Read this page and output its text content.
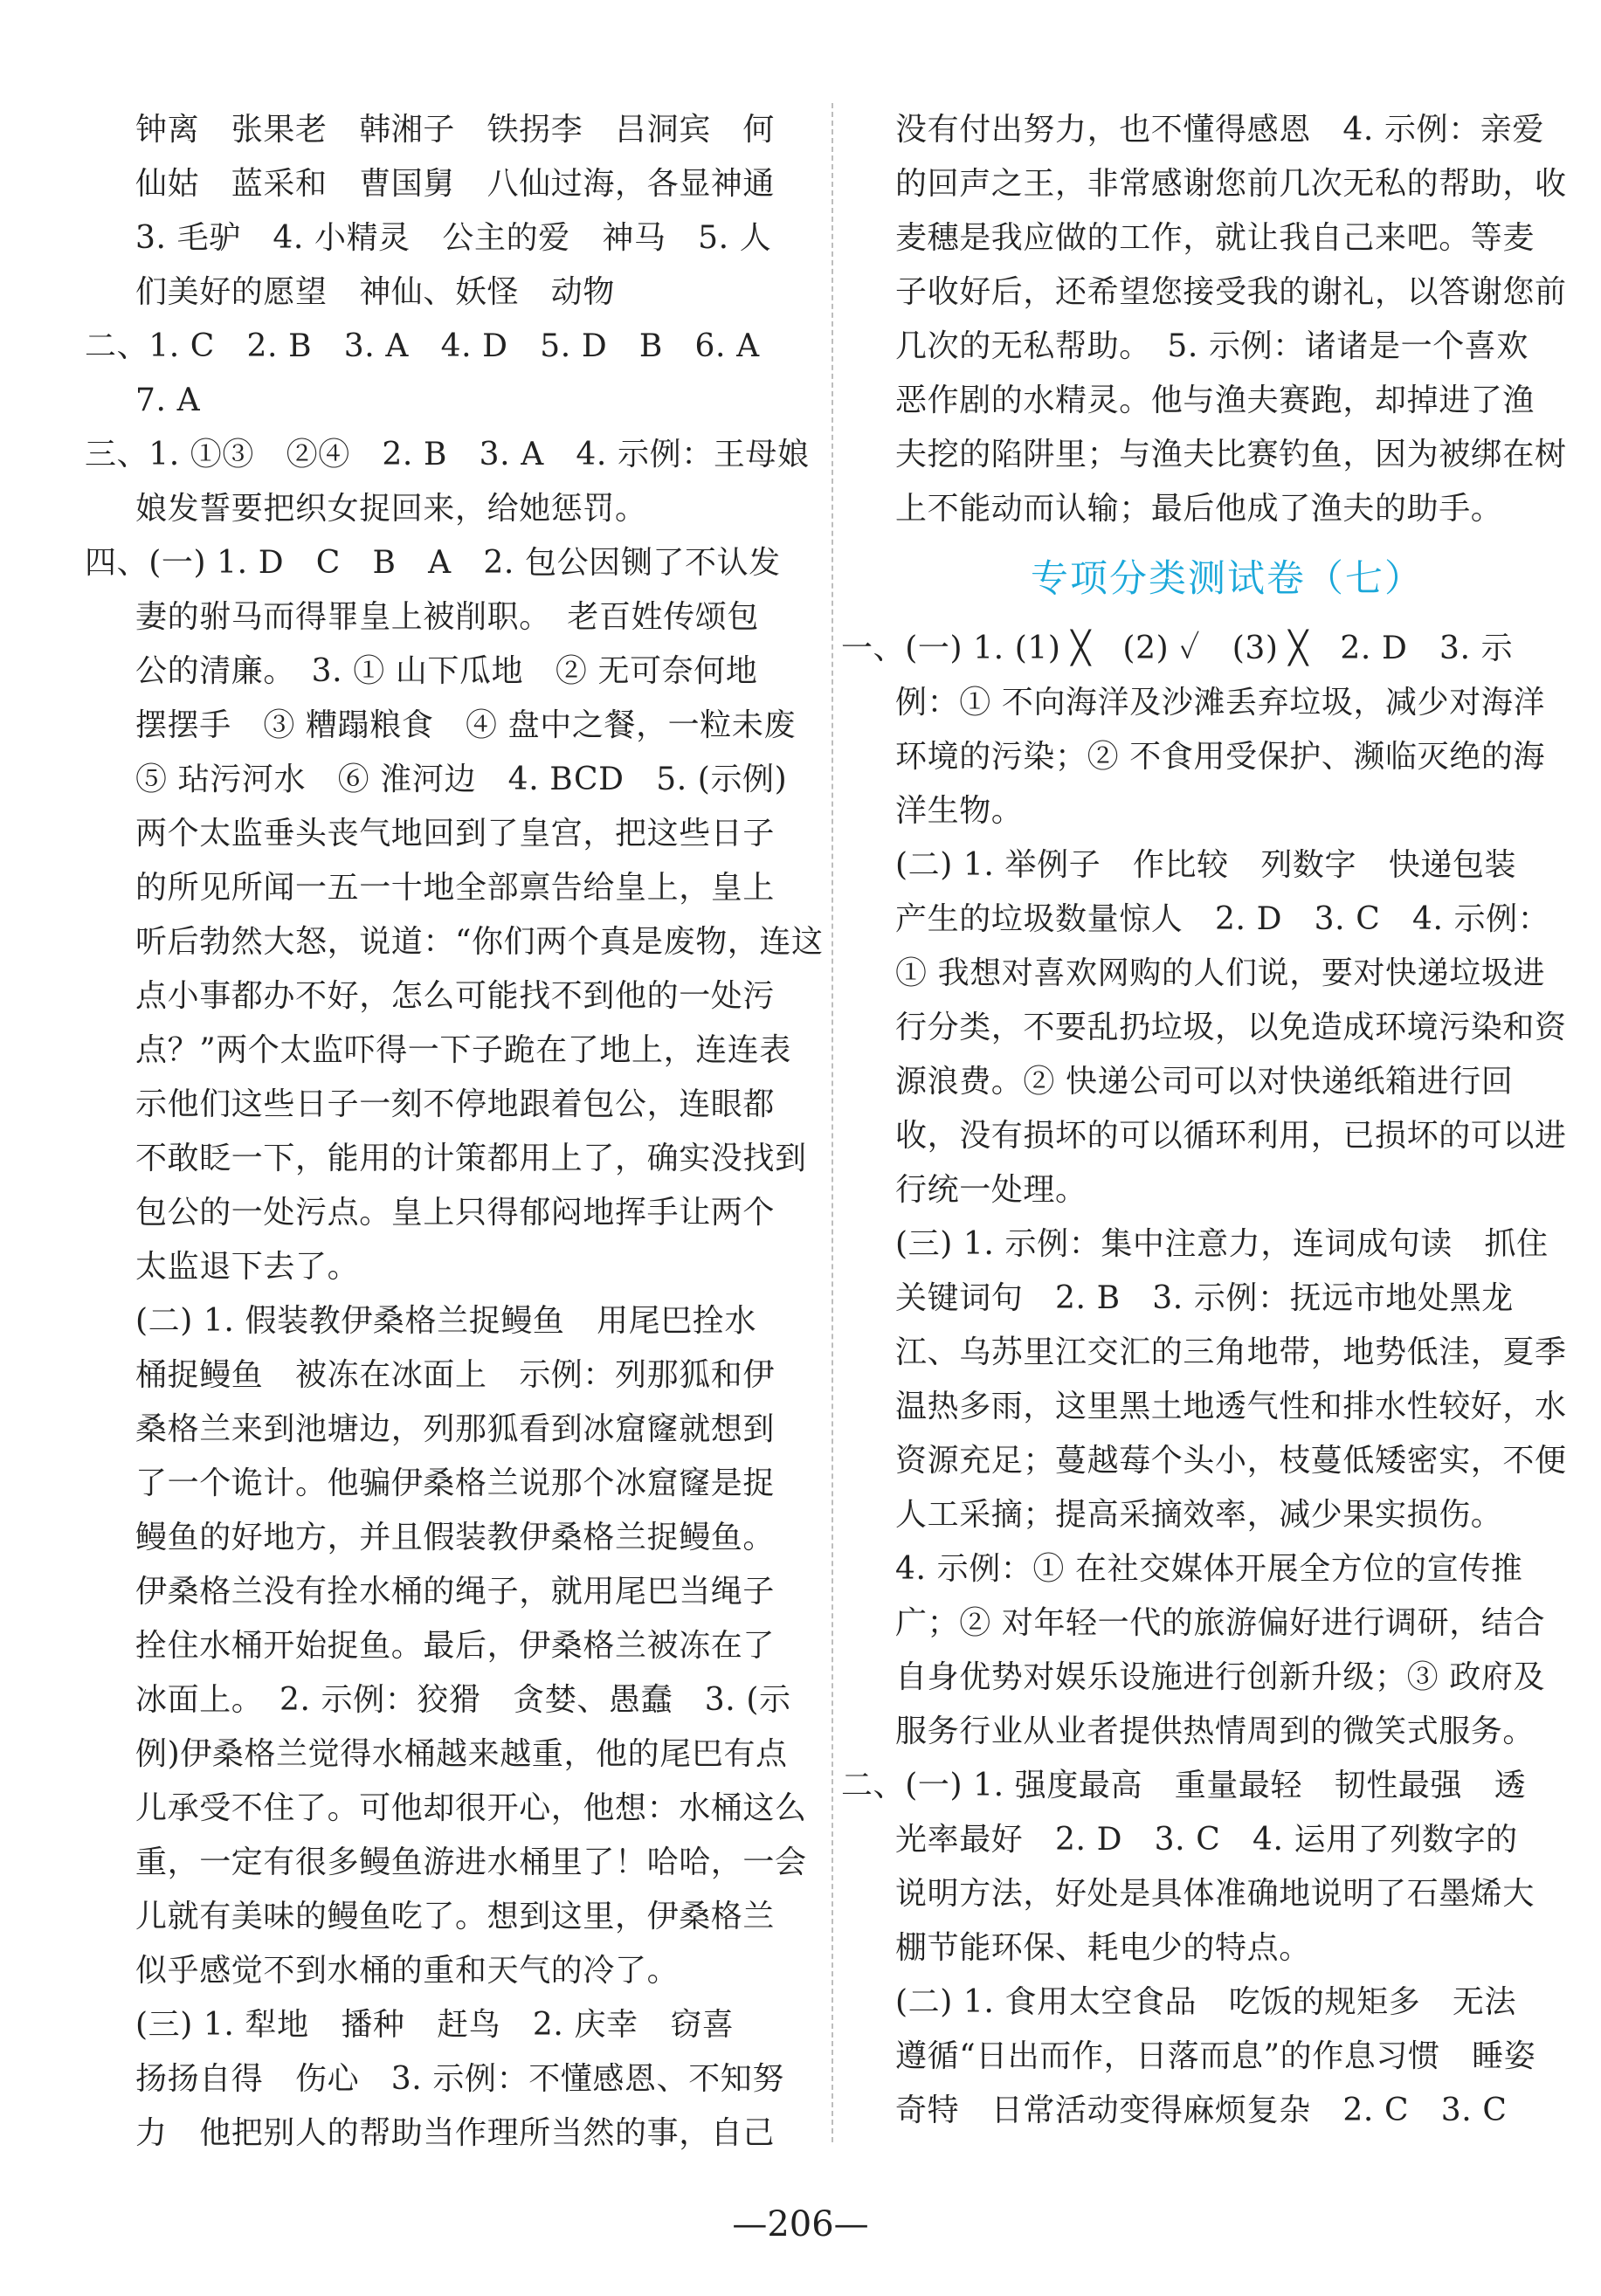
钟离　张果老　韩湘子　铁拐李　吕洞宾　何
仙姑　蓝采和　曹国舅　八仙过海，各显神通
3. 毛驴　4. 小精灵　公主的爱　神马　5. 人
们美好的愿望　神仙、妖怪　动物
二、1. C　2. B　3. A　4. D　5. D　B　6. A
7. A
三、1. ①③　②④　2. B　3. A　4. 示例：王母娘
娘发誓要把织女捉回来，给她惩罚。
四、(一) 1. D　C　B　A　2. 包公因铡了不认发
妻的驸马而得罪皇上被削职。　老百姓传颂包
公的清廉。　3. ① 山下瓜地　② 无可奈何地
摆摆手　③ 糟蹋粮食　④ 盘中之餐，一粒未废
⑤ 玷污河水　⑥ 淮河边　4. BCD　5. (示例)
两个太监垂头丧气地回到了皇宫，把这些日子
的所见所闻一五一十地全部禀告给皇上，皇上
听后勃然大怒，说道：“你们两个真是废物，连这
点小事都办不好，怎么可能找不到他的一处污
点？”两个太监吓得一下子跪在了地上，连连表
示他们这些日子一刻不停地跟着包公，连眼都
不敢眨一下，能用的计策都用上了，确实没找到
包公的一处污点。皇上只得郁闷地挥手让两个
太监退下去了。
(二) 1. 假装教伊桑格兰捉鳗鱼　用尾巴拴水
桶捉鳗鱼　被冻在冰面上　示例：列那狐和伊
桑格兰来到池塘边，列那狐看到冰窟窿就想到
了一个诡计。他骗伊桑格兰说那个冰窟窿是捉
鳗鱼的好地方，并且假装教伊桑格兰捉鳗鱼。
伊桑格兰没有拴水桶的绳子，就用尾巴当绳子
拴住水桶开始捉鱼。最后，伊桑格兰被冻在了
冰面上。　2. 示例：狡猾　贪婪、愚蠢　3. (示
例)伊桑格兰觉得水桶越来越重，他的尾巴有点
儿承受不住了。可他却很开心，他想：水桶这么
重，一定有很多鳗鱼游进水桶里了！哈哈，一会
儿就有美味的鳗鱼吃了。想到这里，伊桑格兰
似乎感觉不到水桶的重和天气的冷了。
(三) 1. 犁地　播种　赶鸟　2. 庆幸　窃喜
扬扬自得　伤心　3. 示例：不懂感恩、不知努
力　他把别人的帮助当作理所当然的事，自己
没有付出努力，也不懂得感恩　4. 示例：亲爱
的回声之王，非常感谢您前几次无私的帮助，收
麦穗是我应做的工作，就让我自己来吧。等麦
子收好后，还希望您接受我的谢礼，以答谢您前
几次的无私帮助。　5. 示例：诸诸是一个喜欢
恶作剧的水精灵。他与渔夫赛跑，却掉进了渔
夫挖的陷阱里；与渔夫比赛钓鱼，因为被绑在树
上不能动而认输；最后他成了渔夫的助手。
专项分类测试卷（七）
一、(一) 1. (1) ╳　(2) ✓　(3) ╳　2. D　3. 示
例：① 不向海洋及沙滩丢弃垃圾，减少对海洋
环境的污染；② 不食用受保护、濒临灭绝的海
洋生物。
(二) 1. 举例子　作比较　列数字　快递包装
产生的垃圾数量惊人　2. D　3. C　4. 示例：
① 我想对喜欢网购的人们说，要对快递垃圾进
行分类，不要乱扔垃圾，以免造成环境污染和资
源浪费。② 快递公司可以对快递纸箱进行回
收，没有损坏的可以循环利用，已损坏的可以进
行统一处理。
(三) 1. 示例：集中注意力，连词成句读　抓住
关键词句　2. B　3. 示例：抚远市地处黑龙
江、乌苏里江交汇的三角地带，地势低洼，夏季
温热多雨，这里黑土地透气性和排水性较好，水
资源充足；蔓越莓个头小，枝蔓低矮密实，不便
人工采摘；提高采摘效率，减少果实损伤。
4. 示例：① 在社交媒体开展全方位的宣传推
广；② 对年轻一代的旅游偏好进行调研，结合
自身优势对娱乐设施进行创新升级；③ 政府及
服务行业从业者提供热情周到的微笑式服务。
二、(一) 1. 强度最高　重量最轻　韧性最强　透
光率最好　2. D　3. C　4. 运用了列数字的
说明方法，好处是具体准确地说明了石墨烯大
棚节能环保、耗电少的特点。
(二) 1. 食用太空食品　吃饭的规矩多　无法
遵循“日出而作，日落而息”的作息习惯　睡姿
奇特　日常活动变得麻烦复杂　2. C　3. C
—206—
